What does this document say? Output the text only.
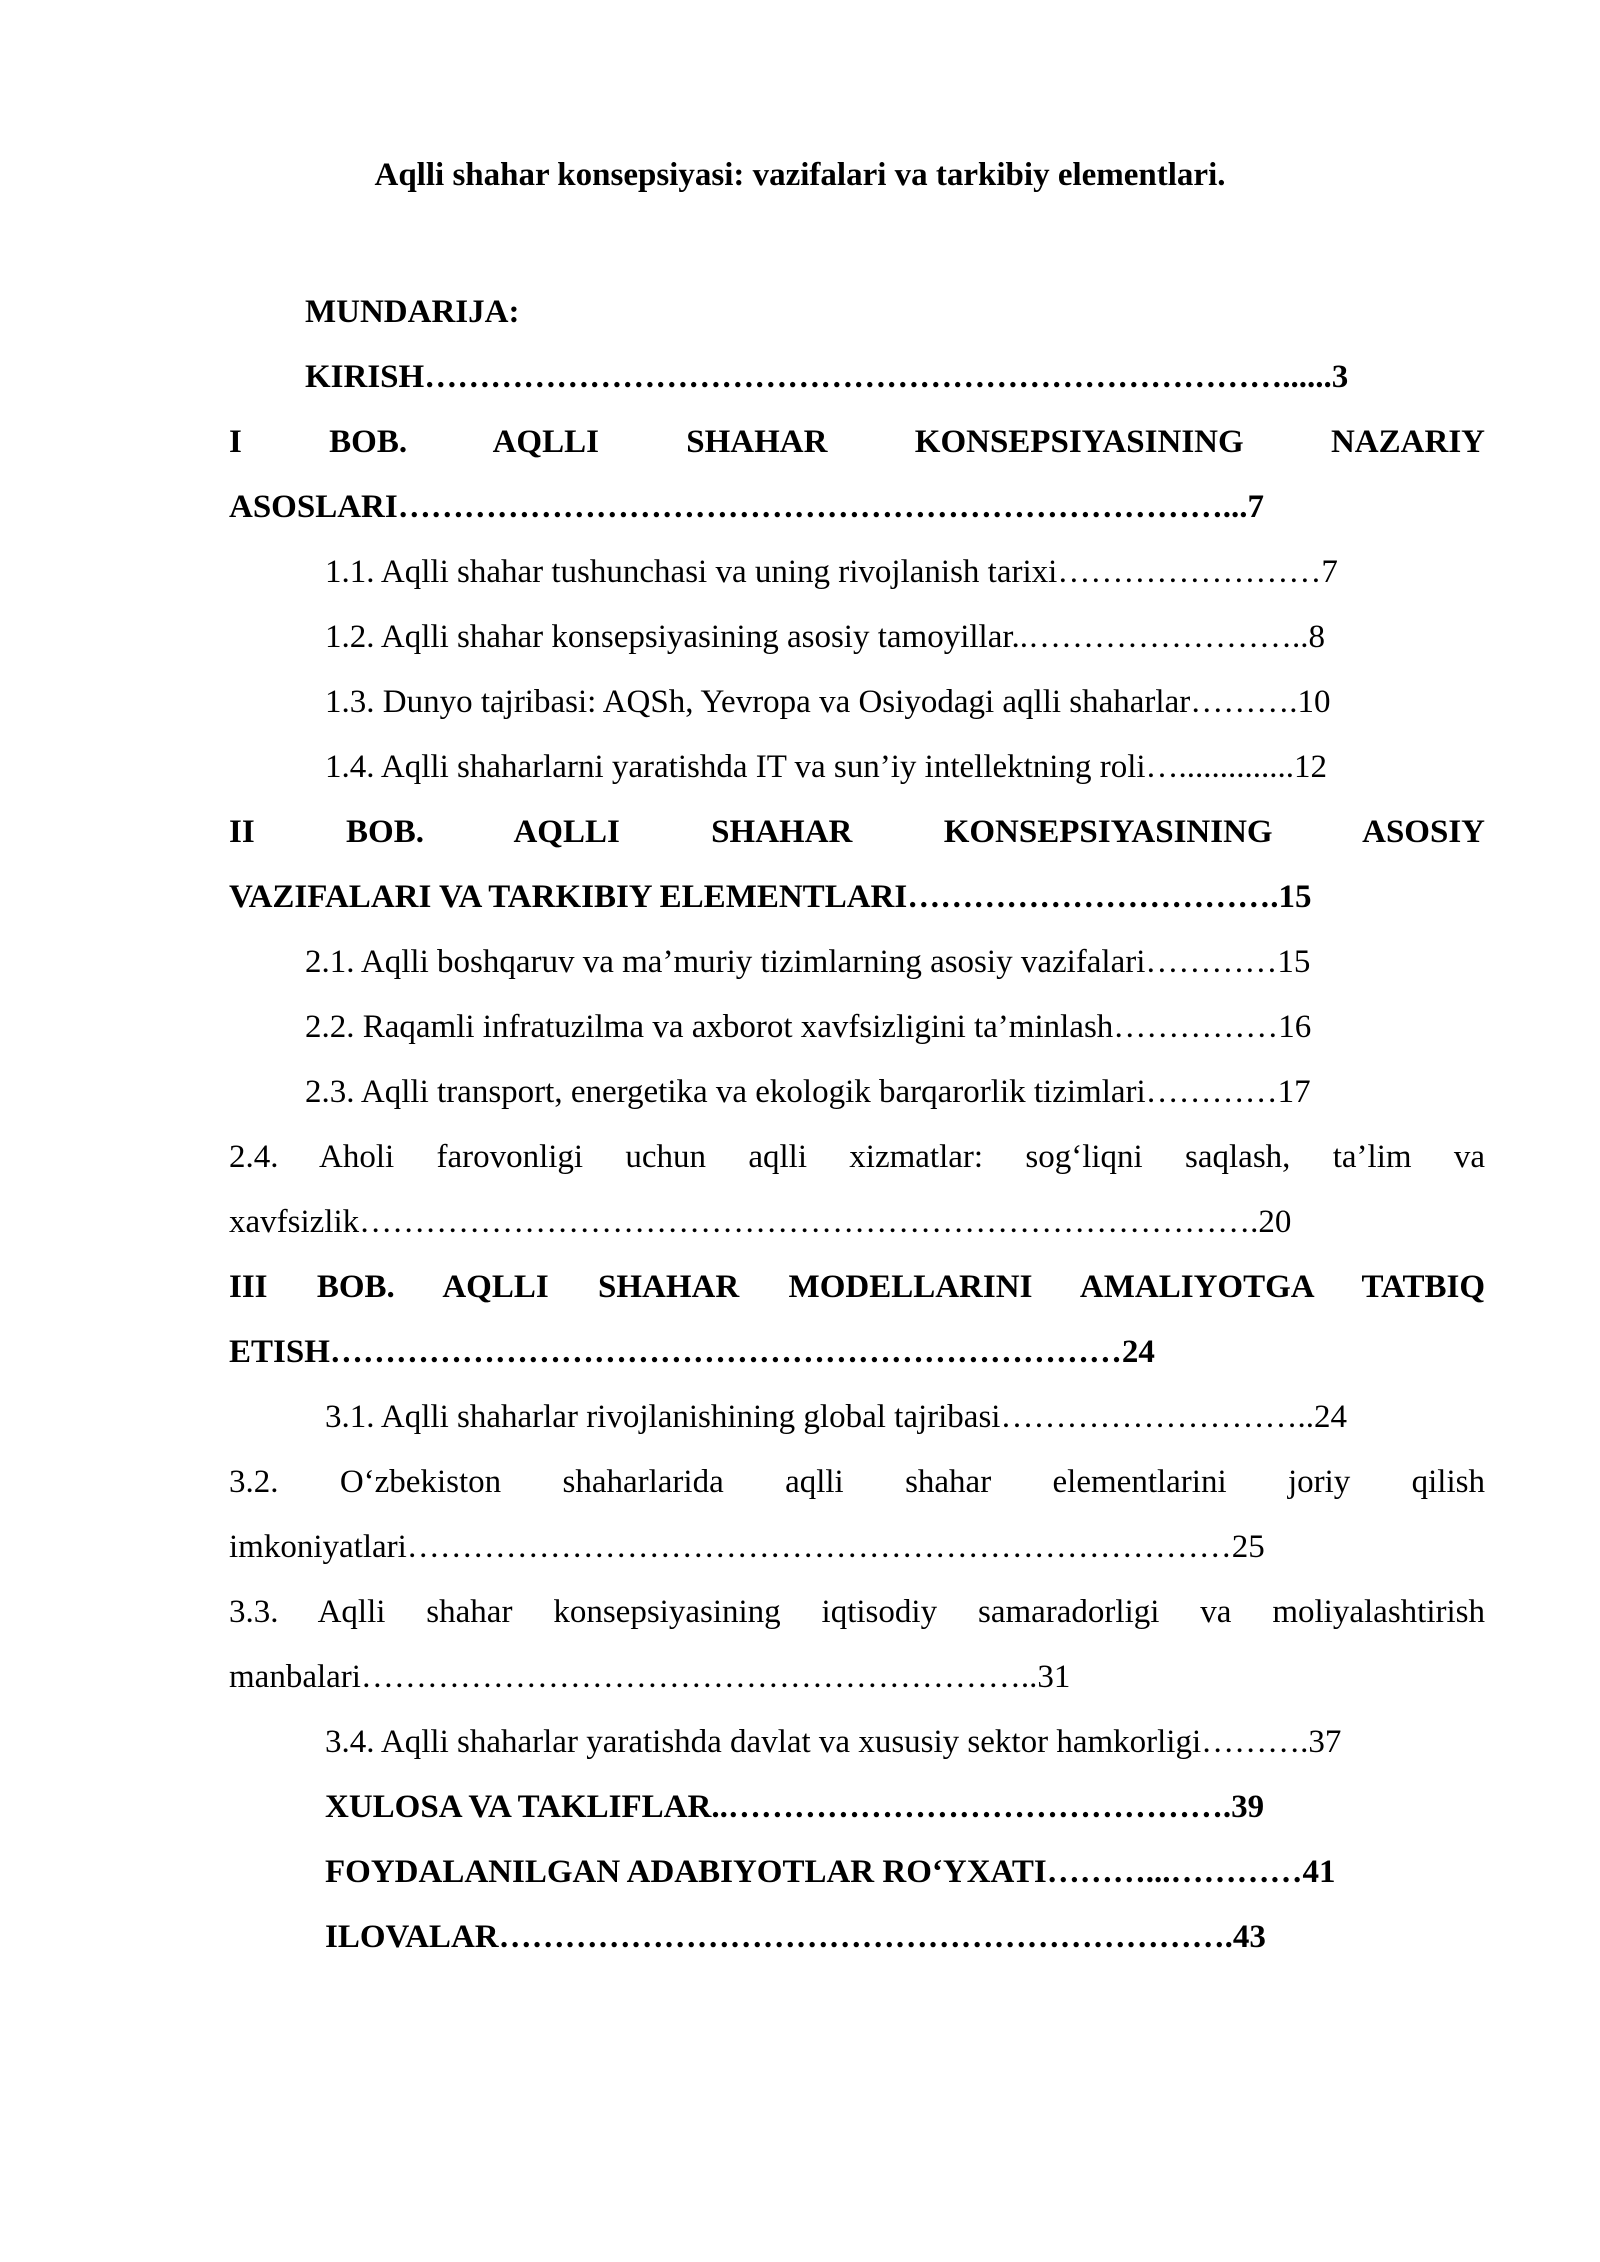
Aqlli shahar konsepsiyasi: vazifalari va tarkibiy elementlari.
MUNDARIJA:
KIRISH……………………………………………………………………......3
I BOB. AQLLI SHAHAR KONSEPSIYASINING NAZARIY
ASOSLARI…………………………………………………………………...7
1.1. Aqlli shahar tushunchasi va uning rivojlanish tarixi……………………7
1.2. Aqlli shahar konsepsiyasining asosiy tamoyillar..……………………..8
1.3. Dunyo tajribasi: AQSh, Yevropa va Osiyodagi aqlli shaharlar……….10
1.4. Aqlli shaharlarni yaratishda IT va sun’iy intellektning roli…..............12
II BOB. AQLLI SHAHAR KONSEPSIYASINING ASOSIY
VAZIFALARI VA TARKIBIY ELEMENTLARI…………………………….15
2.1. Aqlli boshqaruv va ma’muriy tizimlarning asosiy vazifalari…………15
2.2. Raqamli infratuzilma va axborot xavfsizligini ta’minlash……………16
2.3. Aqlli transport, energetika va ekologik barqarorlik tizimlari…………17
2.4. Aholi farovonligi uchun aqlli xizmatlar: sog‘liqni saqlash, ta’lim va
xavfsizlik……………………………………………………………………….20
III BOB. AQLLI SHAHAR MODELLARINI AMALIYOTGA TATBIQ
ETISH………………………………………………………………24
3.1. Aqlli shaharlar rivojlanishining global tajribasi………………………..24
3.2. O‘zbekiston shaharlarida aqlli shahar elementlarini joriy qilish
imkoniyatlari…………………………………………………………………25
3.3. Aqlli shahar konsepsiyasining iqtisodiy samaradorligi va moliyalashtirish
manbalari……………………………………………………..31
3.4. Aqlli shaharlar yaratishda davlat va xususiy sektor hamkorligi……….37
XULOSA VA TAKLIFLAR..……………………………………….39
FOYDALANILGAN ADABIYOTLAR RO‘YXATI………...…………41
ILOVALAR………………………………………………………….43
